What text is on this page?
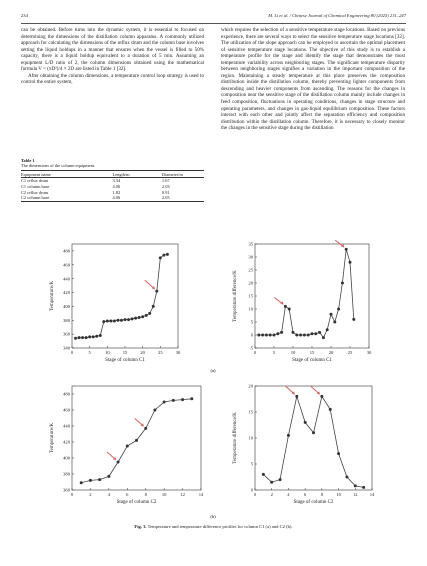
234	M. Li et al. / Chinese Journal of Chemical Engineering 80 (2025) 231–247

can be obtained. Before turns into the dynamic system, it is essential to focused on determining the dimensions of the distillation column apparatus. A commonly utilized approach for calculating the dimensions of the reflux drum and the column base involves setting the liquid holdups in a manner that ensures when the vessel is filled to 50% capacity, there is a liquid holdup equivalent to a duration of 5 min. Assuming an equipment L/D ratio of 2, the column dimensions obtained using the mathematical formula V = (πD²)/4 × 2D are listed in Table 1 [32].

After obtaining the column dimensions, a temperature control loop strategy is used to control the entire system,

which requires the selection of a sensitive temperature stage locations. Based on previous experience, there are several ways to select the sensitive temperature stage locations [32]. The utilization of the slope approach can be employed to ascertain the optimal placement of sensitive temperature stage locations. The objective of this study is to establish a temperature profile for the stage and identify the stage that demonstrates the most temperature variability across neighboring stages. The significant temperature disparity between neighboring stages signifies a variation in the important composition of the region. Maintaining a steady temperature at this place preserves the composition distribution inside the distillation column, thereby preventing lighter components from descending and heavier components from ascending. The reasons for the changes in composition near the sensitive stage of the distillation column mainly include changes in feed composition, fluctuations in operating conditions, changes in stage structure and operating parameters, and changes in gas-liquid equilibrium composition. These factors interact with each other and jointly affect the separation efficiency and composition distribution within the distillation column. Therefore, it is necessary to closely monitor the changes in the sensitive stage during the distillation

Table 1
The dimensions of the column equipment.
Equipment name	Length/m	Diameter/m
C1 reflux drum	3.34	1.67
C1 column base	4.06	2.03
C2 reflux drum	1.82	0.91
C2 column base	4.06	2.03
0	5	10	15	20	25	30
340
360
380
400
420
440
460
480
Stage of column C1
Temperature/K
0	5	10	15	20	25	30
-5
0
5
10
15
20
25
30
35
Stage of column C1
Temperature difference/K
0	2	4	6	8	10	12	14
360
380
400
420
440
460
480
Stage of column C2
Temperature/K
0	2	4	6	8	10	12	14
0
5
10
15
20
Stage of column C2
Temperature difference/K
(a)
(b)
Fig. 3. Temperature and temperature difference profiles for column C1 (a) and C2 (b).
